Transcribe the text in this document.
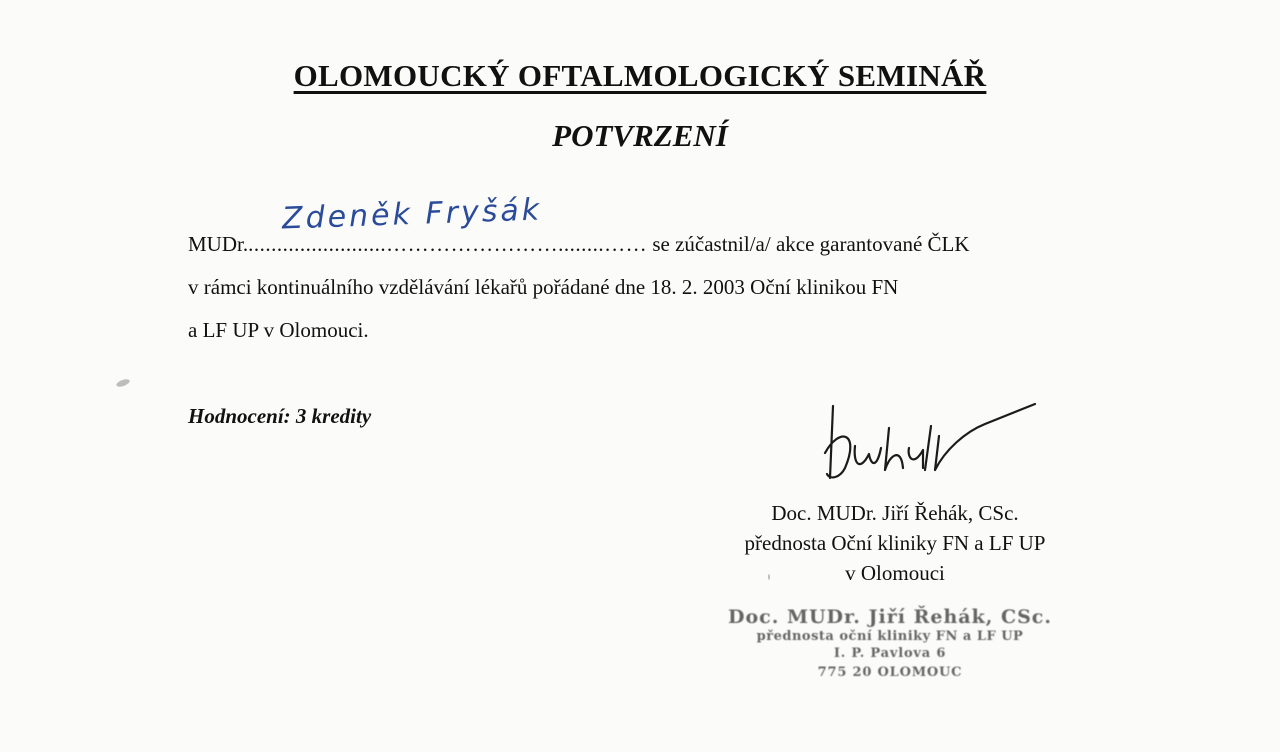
OLOMOUCKÝ OFTALMOLOGICKÝ SEMINÁŘ
POTVRZENÍ
Zdeněk Fryšák
MUDr.........................……………………........…… se zúčastnil/a/ akce garantované ČLK
v rámci kontinuálního vzdělávání lékařů pořádané dne 18. 2. 2003 Oční klinikou FN
a LF UP v Olomouci.
Hodnocení: 3 kredity
Doc. MUDr. Jiří Řehák, CSc.
přednosta Oční kliniky FN a LF UP
v Olomouci
Doc. MUDr. Jiří Řehák, CSc.
přednosta oční kliniky FN a LF UP
I. P. Pavlova 6
775 20 OLOMOUC
